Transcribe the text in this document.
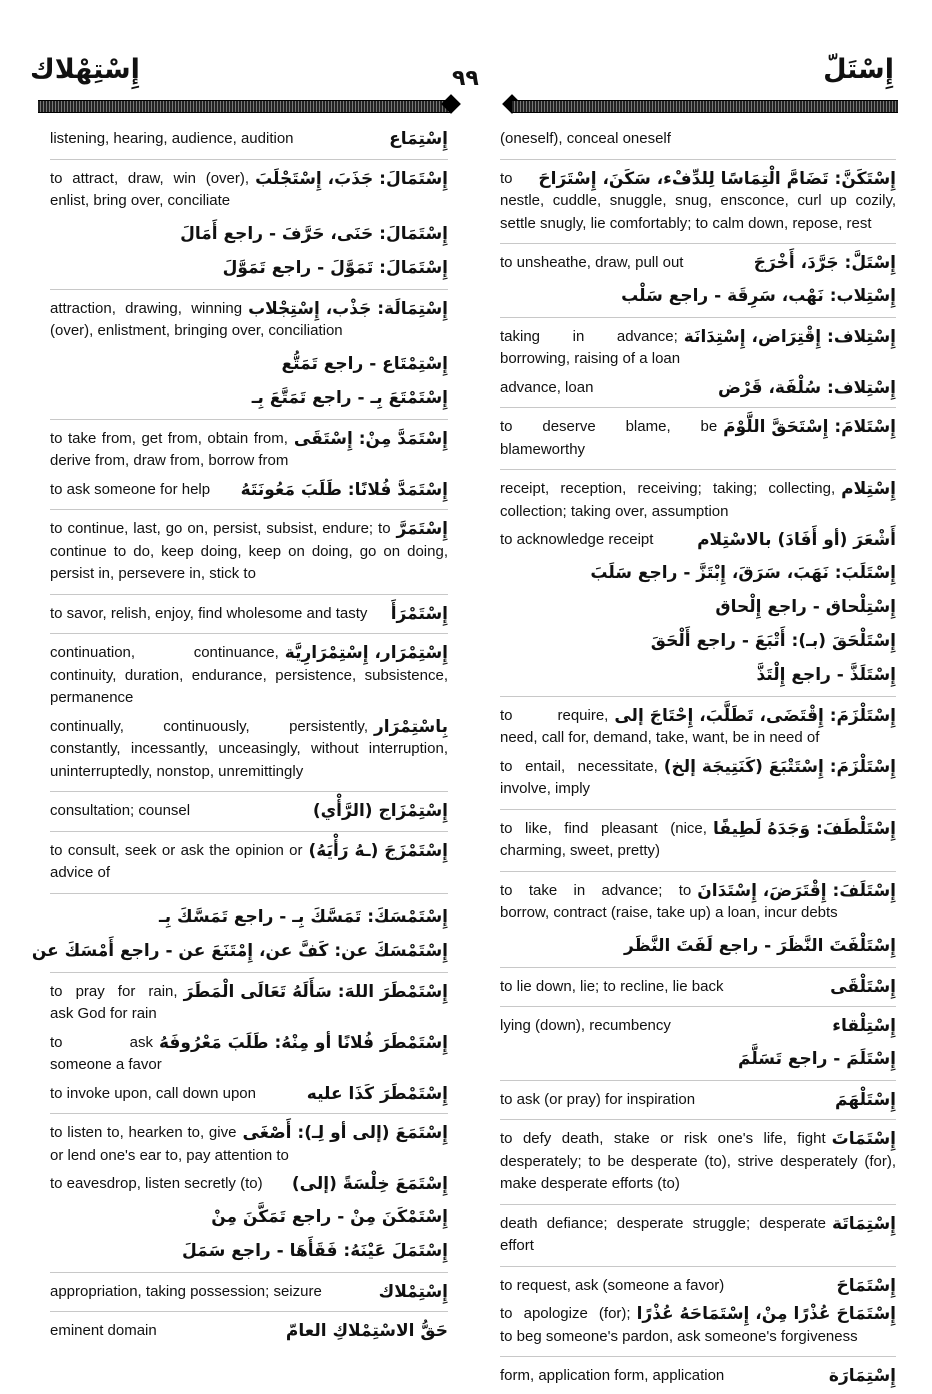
إِسْتِهْلاك	٩٩	إِسْتَلّ
إِسْتِمَاع
listening, hearing, audience, audition
إِسْتَمَالَ: جَذَبَ، إِسْتَجْلَبَ
to attract, draw, win (over), enlist, bring over, conciliate
إِسْتَمَالَ: حَنَى، حَرَّفَ - راجع أَمَالَ
إِسْتَمَالَ: تَمَوَّلَ - راجع تَمَوَّلَ
إِسْتِمَالَة: جَذْب، إِسْتِجْلاب
attraction, drawing, winning (over), enlistment, bringing over, conciliation
إِسْتِمْتَاع - راجع تَمَتُّع
إِسْتَمْتَعَ بِـ - راجع تَمَتَّعَ بِـ
إِسْتَمَدَّ مِنْ: إِسْتَقَى
to take from, get from, obtain from, derive from, draw from, borrow from
إِسْتَمَدَّ فُلانًا: طَلَبَ مَعُونَتَهُ
to ask someone for help
إِسْتَمَرَّ
to continue, last, go on, persist, subsist, endure; to continue to do, keep doing, keep on doing, go on doing, persist in, persevere in, stick to
إِسْتَمْرَأَ
to savor, relish, enjoy, find wholesome and tasty
إِسْتِمْرَار، إِسْتِمْرَارِيَّة
continuation, continuance, continuity, duration, endurance, persistence, subsistence, permanence
بِاسْتِمْرَار
continually, continuously, persistently, constantly, incessantly, unceasingly, without interruption, uninterruptedly, nonstop, unremittingly
إِسْتِمْزَاج (الرَّأْي)
consultation; counsel
إِسْتَمْزَجَ (ـهُ رَأْيَهُ)
to consult, seek or ask the opinion or advice of
إِسْتَمْسَكَ: تَمَسَّكَ بِـ - راجع تَمَسَّكَ بِـ
إِسْتَمْسَكَ عن: كَفَّ عن، إِمْتَنَعَ عن - راجع أَمْسَكَ عن
إِسْتَمْطَرَ اللهَ: سَأَلَهُ تَعَالَى الْمَطَرَ
to pray for rain, ask God for rain
إِسْتَمْطَرَ فُلانًا أو مِنْهُ: طَلَبَ مَعْرُوفَهُ
to ask someone a favor
إِسْتَمْطَرَ كَذَا عليه
to invoke upon, call down upon
إِسْتَمَعَ (إلى أو لِـ): أَصْغَى
to listen to, hearken to, give or lend one's ear to, pay attention to
إِسْتَمَعَ خِلْسَةً (إلى)
to eavesdrop, listen secretly (to)
إِسْتَمْكَنَ مِنْ - راجع تَمَكَّنَ مِنْ
إِسْتَمَلَ عَيْنَهُ: فَقَأَهَا - راجع سَمَلَ
إِسْتِمْلاك
appropriation, taking possession; seizure
حَقُّ الاسْتِمْلاكِ العامّ
eminent domain
(oneself), conceal oneself
إِسْتَكَنَّ: تَضَامَّ الْتِمَاسًا لِلدِّفْء، سَكَنَ، إِسْتَرَاحَ
to nestle, cuddle, snuggle, snug, ensconce, curl up cozily, settle snugly, lie comfortably; to calm down, repose, rest
إِسْتَلَّ: جَرَّدَ، أَخْرَجَ
to unsheathe, draw, pull out
إِسْتِلاب: نَهْب، سَرِقَة - راجع سَلْب
إِسْتِلاف: إِقْتِرَاض، إِسْتِدَانَة
taking in advance; borrowing, raising of a loan
إِسْتِلاف: سُلْفَة، قَرْض
advance, loan
إِسْتَلامَ: إِسْتَحَقَّ اللَّوْمَ
to deserve blame, be blameworthy
إِسْتِلام
receipt, reception, receiving; taking; collecting, collection; taking over, assumption
أَشْعَرَ (أو أَفَادَ) بالاسْتِلام
to acknowledge receipt
إِسْتَلَبَ: نَهَبَ، سَرَقَ، إِبْتَزَّ - راجع سَلَبَ
إِسْتِلْحاق - راجع إِلْحاق
إِسْتَلْحَقَ (بـ): أَتْبَعَ - راجع أَلْحَقَ
إِسْتَلَذَّ - راجع إِلْتَذَّ
إِسْتَلْزَمَ: إِقْتَضَى، تَطَلَّبَ، إِحْتَاجَ إلى
to require, need, call for, demand, take, want, be in need of
إِسْتَلْزَمَ: إِسْتَتْبَعَ (كَنَتِيجَة إلخ)
to entail, necessitate, involve, imply
إِسْتَلْطَفَ: وَجَدَهُ لَطِيفًا
to like, find pleasant (nice, charming, sweet, pretty)
إِسْتَلَفَ: إِقْتَرَضَ، إِسْتَدَانَ
to take in advance; to borrow, contract (raise, take up) a loan, incur debts
إِسْتَلْفَتَ النَّظَرَ - راجع لَفَتَ النَّظَر
إِسْتَلْقَى
to lie down, lie; to recline, lie back
إِسْتِلْقاء
lying (down), recumbency
إِسْتَلَمَ - راجع تَسَلَّمَ
إِسْتَلْهَمَ
to ask (or pray) for inspiration
إِسْتَمَاتَ
to defy death, stake or risk one's life, fight desperately; to be desperate (to), strive desperately (for), make desperate efforts (to)
إِسْتِمَاتَة
death defiance; desperate struggle; desperate effort
إِسْتَمَاحَ
to request, ask (someone a favor)
إِسْتَمَاحَ عُذْرًا مِنْ، إِسْتَمَاحَهُ عُذْرًا
to apologize (for); to beg someone's pardon, ask someone's forgiveness
إِسْتِمَارَة
form, application form, application
